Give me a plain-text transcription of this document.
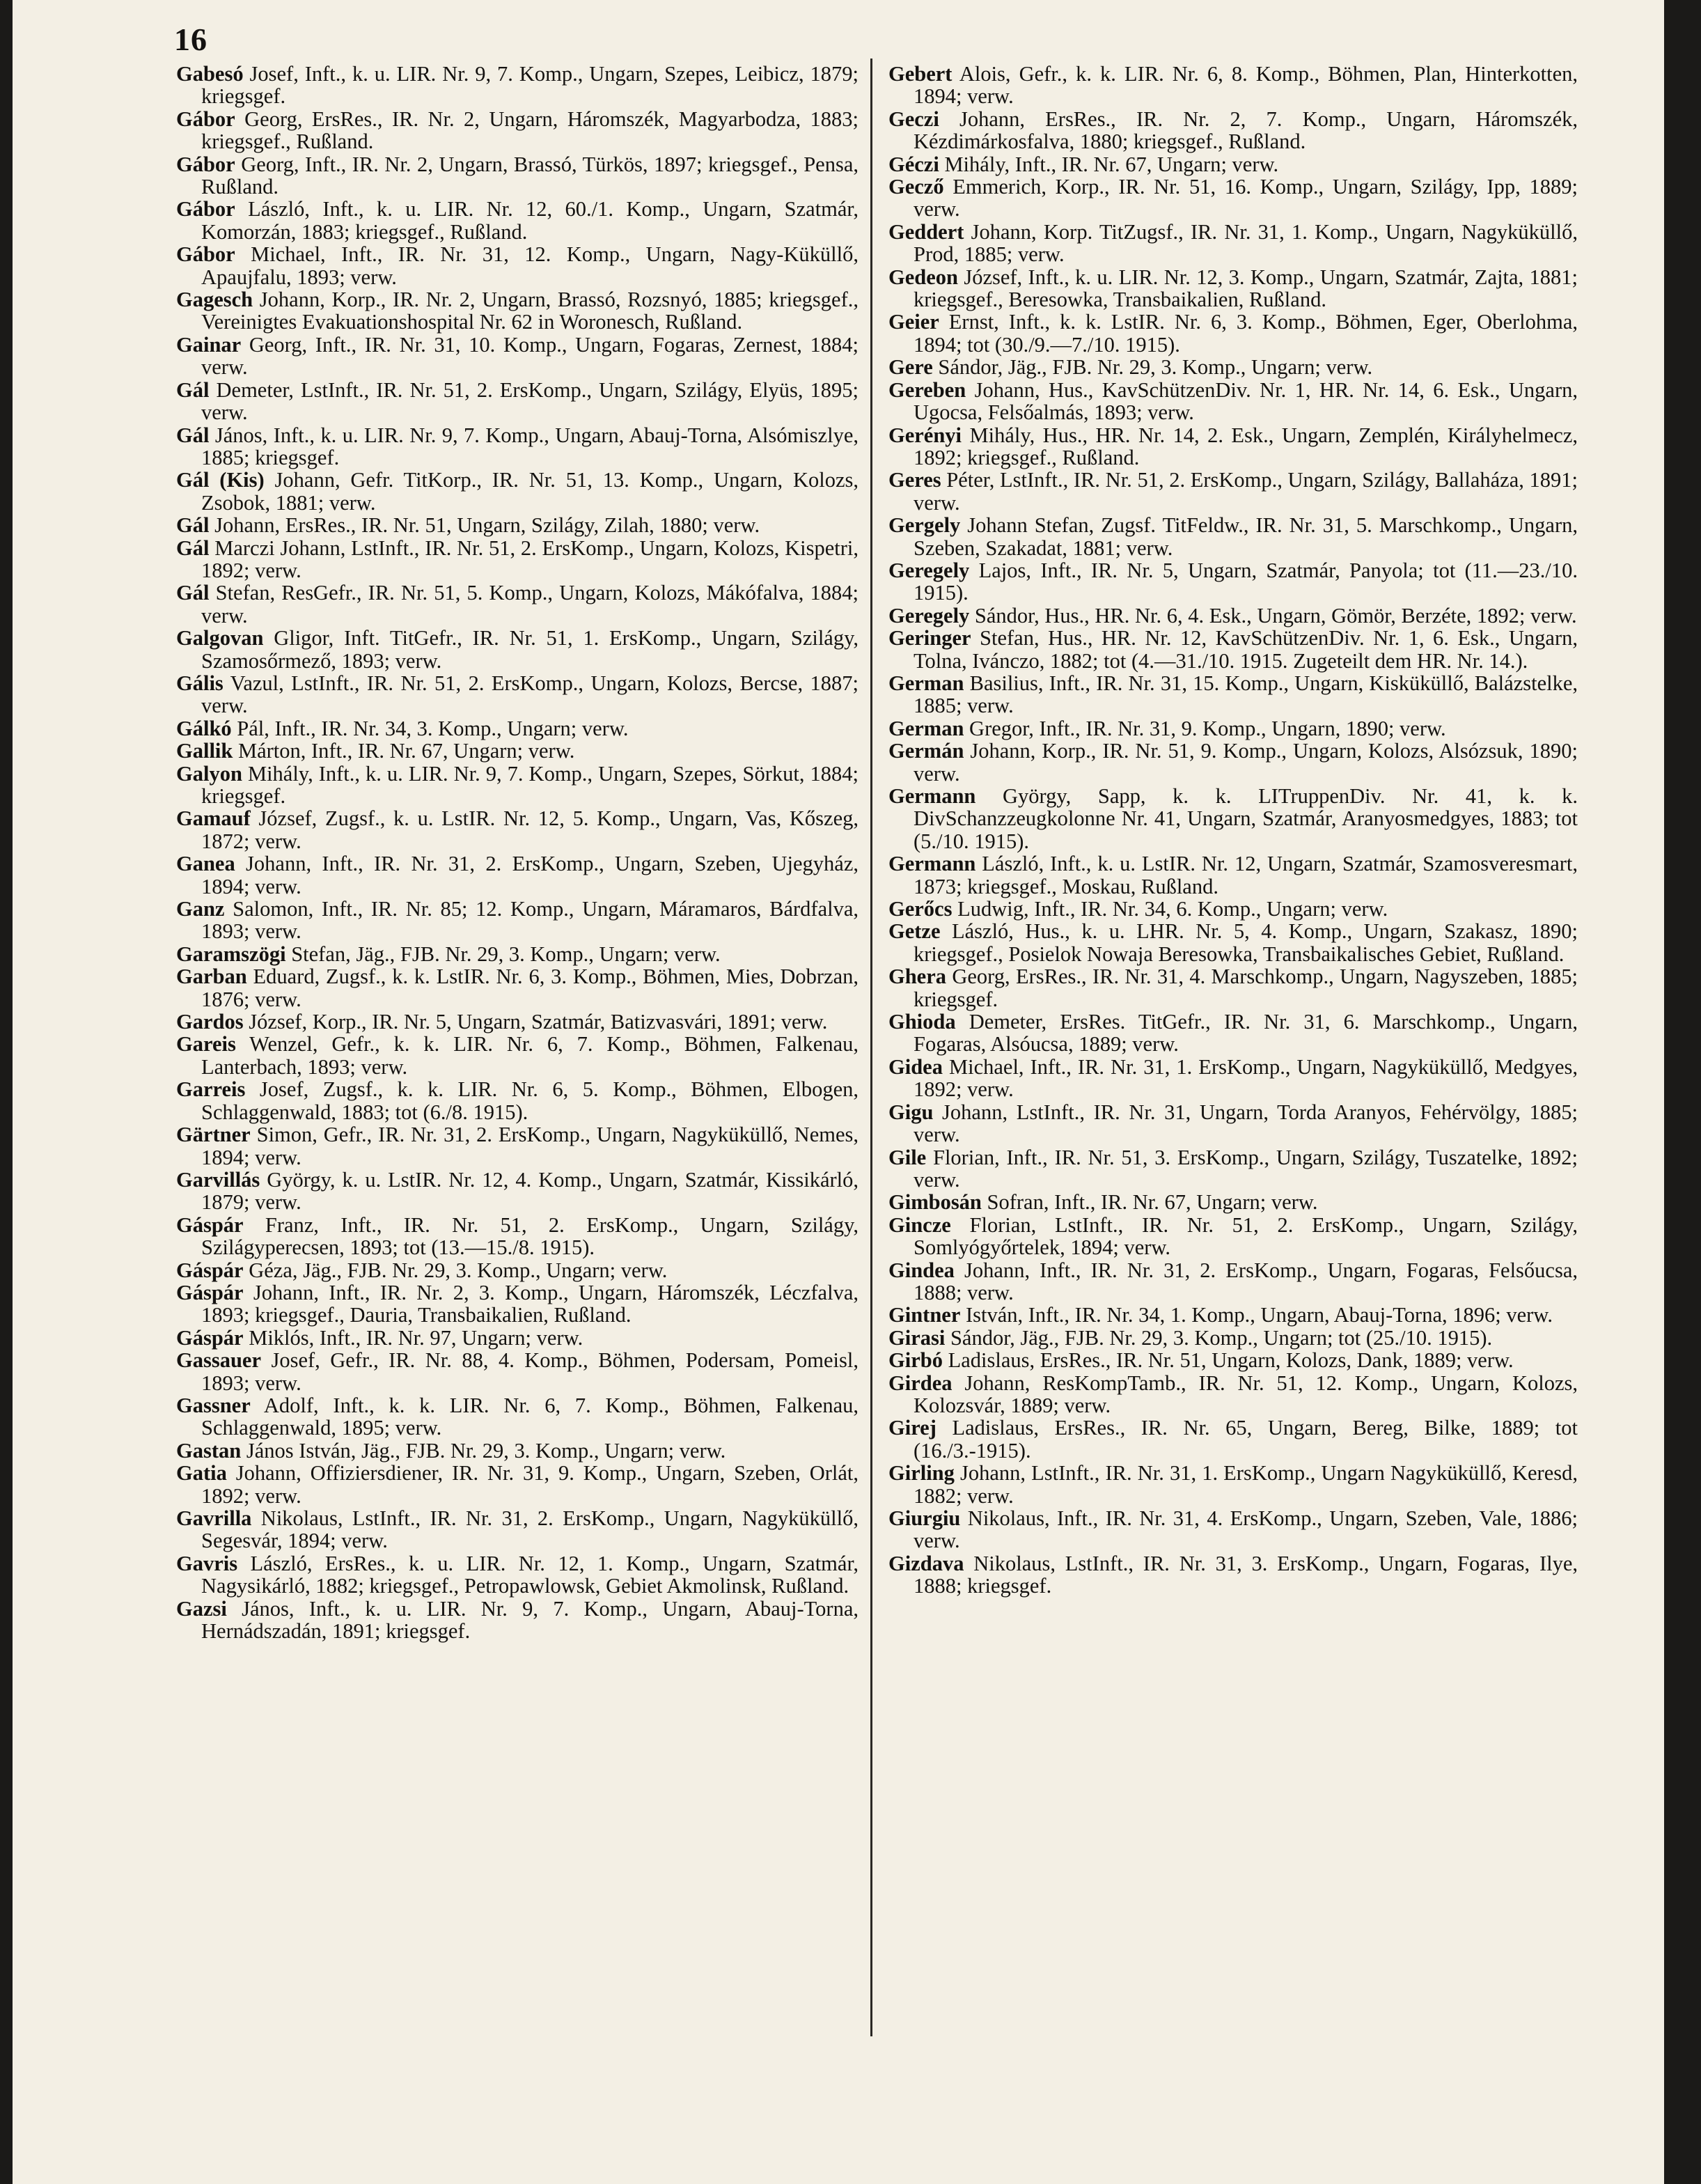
16

Gabesó Josef, Inft., k. u. LIR. Nr. 9, 7. Komp., Ungarn, Szepes, Leibicz, 1879; kriegsgef.

Gábor Georg, ErsRes., IR. Nr. 2, Ungarn, Háromszék, Magyarbodza, 1883; kriegsgef., Rußland.

Gábor Georg, Inft., IR. Nr. 2, Ungarn, Brassó, Türkös, 1897; kriegsgef., Pensa, Rußland.

Gábor László, Inft., k. u. LIR. Nr. 12, 60./1. Komp., Ungarn, Szatmár, Komorzán, 1883; kriegsgef., Rußland.

Gábor Michael, Inft., IR. Nr. 31, 12. Komp., Ungarn, Nagy-Küküllő, Apaujfalu, 1893; verw.

Gagesch Johann, Korp., IR. Nr. 2, Ungarn, Brassó, Rozsnyó, 1885; kriegsgef., Vereinigtes Evakuationshospital Nr. 62 in Woronesch, Rußland.

Gainar Georg, Inft., IR. Nr. 31, 10. Komp., Ungarn, Fogaras, Zernest, 1884; verw.

Gál Demeter, LstInft., IR. Nr. 51, 2. ErsKomp., Ungarn, Szilágy, Elyüs, 1895; verw.

Gál János, Inft., k. u. LIR. Nr. 9, 7. Komp., Ungarn, Abauj-Torna, Alsómiszlye, 1885; kriegsgef.

Gál (Kis) Johann, Gefr. TitKorp., IR. Nr. 51, 13. Komp., Ungarn, Kolozs, Zsobok, 1881; verw.

Gál Johann, ErsRes., IR. Nr. 51, Ungarn, Szilágy, Zilah, 1880; verw.

Gál Marczi Johann, LstInft., IR. Nr. 51, 2. ErsKomp., Ungarn, Kolozs, Kispetri, 1892; verw.

Gál Stefan, ResGefr., IR. Nr. 51, 5. Komp., Ungarn, Kolozs, Mákófalva, 1884; verw.

Galgovan Gligor, Inft. TitGefr., IR. Nr. 51, 1. ErsKomp., Ungarn, Szilágy, Szamosőrmező, 1893; verw.

Gális Vazul, LstInft., IR. Nr. 51, 2. ErsKomp., Ungarn, Kolozs, Bercse, 1887; verw.

Gálkó Pál, Inft., IR. Nr. 34, 3. Komp., Ungarn; verw.

Gallik Márton, Inft., IR. Nr. 67, Ungarn; verw.

Galyon Mihály, Inft., k. u. LIR. Nr. 9, 7. Komp., Ungarn, Szepes, Sörkut, 1884; kriegsgef.

Gamauf József, Zugsf., k. u. LstIR. Nr. 12, 5. Komp., Ungarn, Vas, Kőszeg, 1872; verw.

Ganea Johann, Inft., IR. Nr. 31, 2. ErsKomp., Ungarn, Szeben, Ujegyház, 1894; verw.

Ganz Salomon, Inft., IR. Nr. 85; 12. Komp., Ungarn, Máramaros, Bárdfalva, 1893; verw.

Garamszögi Stefan, Jäg., FJB. Nr. 29, 3. Komp., Ungarn; verw.

Garban Eduard, Zugsf., k. k. LstIR. Nr. 6, 3. Komp., Böhmen, Mies, Dobrzan, 1876; verw.

Gardos József, Korp., IR. Nr. 5, Ungarn, Szatmár, Batizvasvári, 1891; verw.

Gareis Wenzel, Gefr., k. k. LIR. Nr. 6, 7. Komp., Böhmen, Falkenau, Lanterbach, 1893; verw.

Garreis Josef, Zugsf., k. k. LIR. Nr. 6, 5. Komp., Böhmen, Elbogen, Schlaggenwald, 1883; tot (6./8. 1915).

Gärtner Simon, Gefr., IR. Nr. 31, 2. ErsKomp., Ungarn, Nagyküküllő, Nemes, 1894; verw.

Garvillás György, k. u. LstIR. Nr. 12, 4. Komp., Ungarn, Szatmár, Kissikárló, 1879; verw.

Gáspár Franz, Inft., IR. Nr. 51, 2. ErsKomp., Ungarn, Szilágy, Szilágyperecsen, 1893; tot (13.—15./8. 1915).

Gáspár Géza, Jäg., FJB. Nr. 29, 3. Komp., Ungarn; verw.

Gáspár Johann, Inft., IR. Nr. 2, 3. Komp., Ungarn, Háromszék, Léczfalva, 1893; kriegsgef., Dauria, Transbaikalien, Rußland.

Gáspár Miklós, Inft., IR. Nr. 97, Ungarn; verw.

Gassauer Josef, Gefr., IR. Nr. 88, 4. Komp., Böhmen, Podersam, Pomeisl, 1893; verw.

Gassner Adolf, Inft., k. k. LIR. Nr. 6, 7. Komp., Böhmen, Falkenau, Schlaggenwald, 1895; verw.

Gastan János István, Jäg., FJB. Nr. 29, 3. Komp., Ungarn; verw.

Gatia Johann, Offiziersdiener, IR. Nr. 31, 9. Komp., Ungarn, Szeben, Orlát, 1892; verw.

Gavrilla Nikolaus, LstInft., IR. Nr. 31, 2. ErsKomp., Ungarn, Nagyküküllő, Segesvár, 1894; verw.

Gavris László, ErsRes., k. u. LIR. Nr. 12, 1. Komp., Ungarn, Szatmár, Nagysikárló, 1882; kriegsgef., Petropawlowsk, Gebiet Akmolinsk, Rußland.

Gazsi János, Inft., k. u. LIR. Nr. 9, 7. Komp., Ungarn, Abauj-Torna, Hernádszadán, 1891; kriegsgef.

Gebert Alois, Gefr., k. k. LIR. Nr. 6, 8. Komp., Böhmen, Plan, Hinterkotten, 1894; verw.

Geczi Johann, ErsRes., IR. Nr. 2, 7. Komp., Ungarn, Háromszék, Kézdimárkosfalva, 1880; kriegsgef., Rußland.

Géczi Mihály, Inft., IR. Nr. 67, Ungarn; verw.

Gecző Emmerich, Korp., IR. Nr. 51, 16. Komp., Ungarn, Szilágy, Ipp, 1889; verw.

Geddert Johann, Korp. TitZugsf., IR. Nr. 31, 1. Komp., Ungarn, Nagyküküllő, Prod, 1885; verw.

Gedeon József, Inft., k. u. LIR. Nr. 12, 3. Komp., Ungarn, Szatmár, Zajta, 1881; kriegsgef., Beresowka, Transbaikalien, Rußland.

Geier Ernst, Inft., k. k. LstIR. Nr. 6, 3. Komp., Böhmen, Eger, Oberlohma, 1894; tot (30./9.—7./10. 1915).

Gere Sándor, Jäg., FJB. Nr. 29, 3. Komp., Ungarn; verw.

Gereben Johann, Hus., KavSchützenDiv. Nr. 1, HR. Nr. 14, 6. Esk., Ungarn, Ugocsa, Felsőalmás, 1893; verw.

Gerényi Mihály, Hus., HR. Nr. 14, 2. Esk., Ungarn, Zemplén, Királyhelmecz, 1892; kriegsgef., Rußland.

Geres Péter, LstInft., IR. Nr. 51, 2. ErsKomp., Ungarn, Szilágy, Ballaháza, 1891; verw.

Gergely Johann Stefan, Zugsf. TitFeldw., IR. Nr. 31, 5. Marschkomp., Ungarn, Szeben, Szakadat, 1881; verw.

Geregely Lajos, Inft., IR. Nr. 5, Ungarn, Szatmár, Panyola; tot (11.—23./10. 1915).

Geregely Sándor, Hus., HR. Nr. 6, 4. Esk., Ungarn, Gömör, Berzéte, 1892; verw.

Geringer Stefan, Hus., HR. Nr. 12, KavSchützenDiv. Nr. 1, 6. Esk., Ungarn, Tolna, Ivánczo, 1882; tot (4.—31./10. 1915. Zugeteilt dem HR. Nr. 14.).

German Basilius, Inft., IR. Nr. 31, 15. Komp., Ungarn, Kisküküllő, Balázstelke, 1885; verw.

German Gregor, Inft., IR. Nr. 31, 9. Komp., Ungarn, 1890; verw.

Germán Johann, Korp., IR. Nr. 51, 9. Komp., Ungarn, Kolozs, Alsózsuk, 1890; verw.

Germann György, Sapp, k. k. LITruppenDiv. Nr. 41, k. k. DivSchanzzeugkolonne Nr. 41, Ungarn, Szatmár, Aranyosmedgyes, 1883; tot (5./10. 1915).

Germann László, Inft., k. u. LstIR. Nr. 12, Ungarn, Szatmár, Szamosveresmart, 1873; kriegsgef., Moskau, Rußland.

Gerőcs Ludwig, Inft., IR. Nr. 34, 6. Komp., Ungarn; verw.

Getze László, Hus., k. u. LHR. Nr. 5, 4. Komp., Ungarn, Szakasz, 1890; kriegsgef., Posielok Nowaja Beresowka, Transbaikalisches Gebiet, Rußland.

Ghera Georg, ErsRes., IR. Nr. 31, 4. Marschkomp., Ungarn, Nagyszeben, 1885; kriegsgef.

Ghioda Demeter, ErsRes. TitGefr., IR. Nr. 31, 6. Marschkomp., Ungarn, Fogaras, Alsóucsa, 1889; verw.

Gidea Michael, Inft., IR. Nr. 31, 1. ErsKomp., Ungarn, Nagyküküllő, Medgyes, 1892; verw.

Gigu Johann, LstInft., IR. Nr. 31, Ungarn, Torda Aranyos, Fehérvölgy, 1885; verw.

Gile Florian, Inft., IR. Nr. 51, 3. ErsKomp., Ungarn, Szilágy, Tuszatelke, 1892; verw.

Gimbosán Sofran, Inft., IR. Nr. 67, Ungarn; verw.

Gincze Florian, LstInft., IR. Nr. 51, 2. ErsKomp., Ungarn, Szilágy, Somlyógyőrtelek, 1894; verw.

Gindea Johann, Inft., IR. Nr. 31, 2. ErsKomp., Ungarn, Fogaras, Felsőucsa, 1888; verw.

Gintner István, Inft., IR. Nr. 34, 1. Komp., Ungarn, Abauj-Torna, 1896; verw.

Girasi Sándor, Jäg., FJB. Nr. 29, 3. Komp., Ungarn; tot (25./10. 1915).

Girbó Ladislaus, ErsRes., IR. Nr. 51, Ungarn, Kolozs, Dank, 1889; verw.

Girdea Johann, ResKompTamb., IR. Nr. 51, 12. Komp., Ungarn, Kolozs, Kolozsvár, 1889; verw.

Girej Ladislaus, ErsRes., IR. Nr. 65, Ungarn, Bereg, Bilke, 1889; tot (16./3.-1915).

Girling Johann, LstInft., IR. Nr. 31, 1. ErsKomp., Ungarn Nagyküküllő, Keresd, 1882; verw.

Giurgiu Nikolaus, Inft., IR. Nr. 31, 4. ErsKomp., Ungarn, Szeben, Vale, 1886; verw.

Gizdava Nikolaus, LstInft., IR. Nr. 31, 3. ErsKomp., Ungarn, Fogaras, Ilye, 1888; kriegsgef.
